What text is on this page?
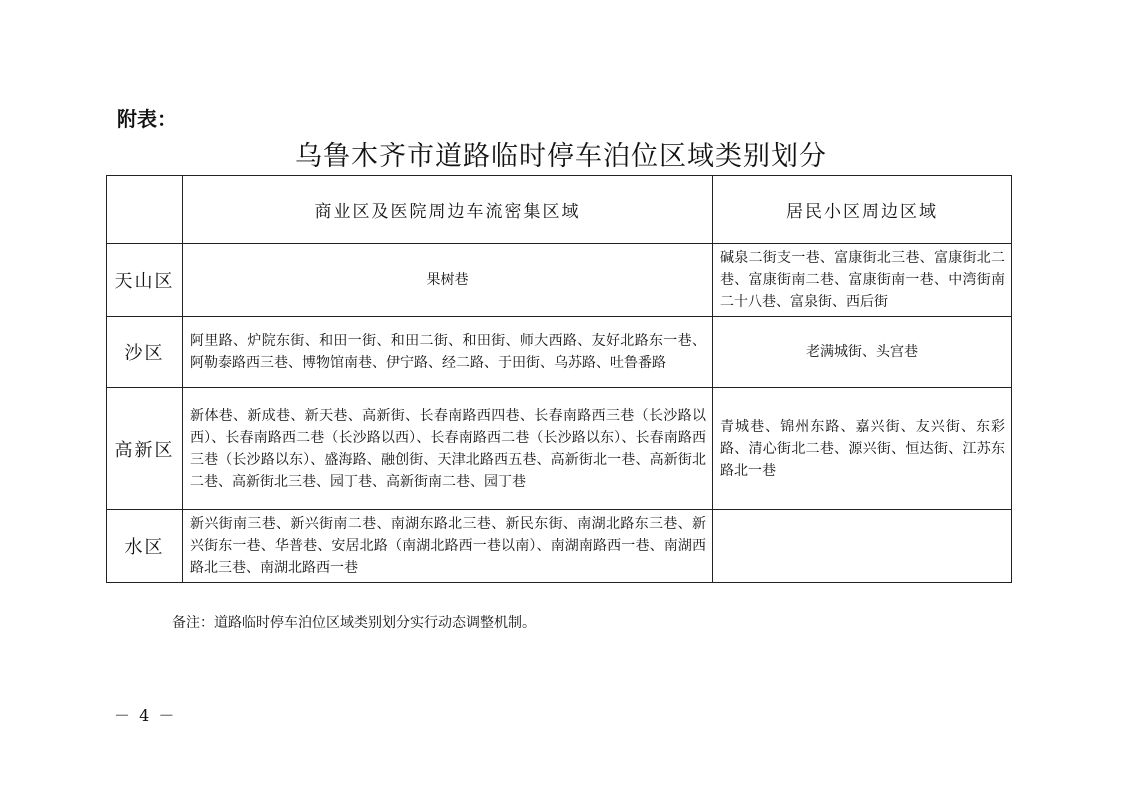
附表：
乌鲁木齐市道路临时停车泊位区域类别划分
	商业区及医院周边车流密集区域	居民小区周边区域
天山区	果树巷	碱泉二街支一巷、富康街北三巷、富康街北二巷、富康街南二巷、富康街南一巷、中湾街南二十八巷、富泉街、西后街
沙区	阿里路、炉院东街、和田一街、和田二街、和田街、师大西路、友好北路东一巷、阿勒泰路西三巷、博物馆南巷、伊宁路、经二路、于田街、乌苏路、吐鲁番路	老满城街、头宫巷
高新区	新体巷、新成巷、新天巷、高新街、长春南路西四巷、长春南路西三巷（长沙路以西）、长春南路西二巷（长沙路以西）、长春南路西二巷（长沙路以东）、长春南路西三巷（长沙路以东）、盛海路、融创街、天津北路西五巷、高新街北一巷、高新街北二巷、高新街北三巷、园丁巷、高新街南二巷、园丁巷	青城巷、锦州东路、嘉兴街、友兴街、东彩路、清心街北二巷、源兴街、恒达街、江苏东路北一巷
水区	新兴街南三巷、新兴街南二巷、南湖东路北三巷、新民东街、南湖北路东三巷、新兴街东一巷、华普巷、安居北路（南湖北路西一巷以南）、南湖南路西一巷、南湖西路北三巷、南湖北路西一巷	
备注：道路临时停车泊位区域类别划分实行动态调整机制。
－ 4 －
